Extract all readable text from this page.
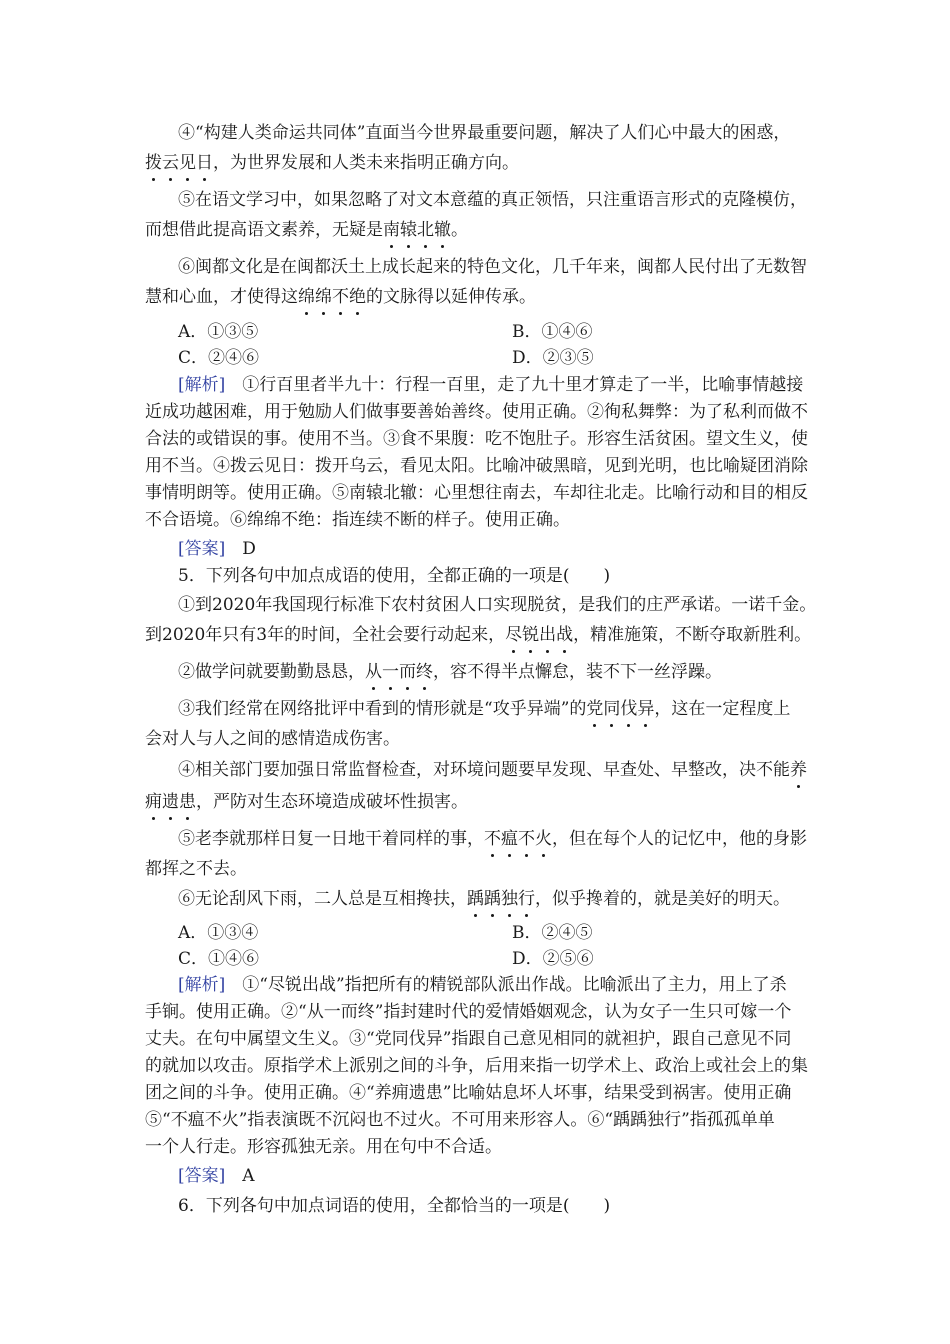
④“构建人类命运共同体”直面当今世界最重要问题，解决了人们心中最大的困惑，
拨云见日，为世界发展和人类未来指明正确方向。
⑤在语文学习中，如果忽略了对文本意蕴的真正领悟，只注重语言形式的克隆模仿，
而想借此提高语文素养，无疑是南辕北辙。
⑥闽都文化是在闽都沃土上成长起来的特色文化，几千年来，闽都人民付出了无数智
慧和心血，才使得这绵绵不绝的文脉得以延伸传承。
A．①③⑤	B．①④⑥
C．②④⑥	D．②③⑤
[解析]　 ①行百里者半九十：行程一百里，走了九十里才算走了一半，比喻事情越接
近成功越困难，用于勉励人们做事要善始善终。使用正确。②徇私舞弊：为了私利而做不
合法的或错误的事。使用不当。③食不果腹：吃不饱肚子。形容生活贫困。望文生义，使
用不当。④拨云见日：拨开乌云，看见太阳。比喻冲破黑暗，见到光明，也比喻疑团消除
事情明朗等。使用正确。⑤南辕北辙：心里想往南去，车却往北走。比喻行动和目的相反
不合语境。⑥绵绵不绝：指连续不断的样子。使用正确。
[答案]　 D
5．下列各句中加点成语的使用，全都正确的一项是(　　)
①到2020年我国现行标准下农村贫困人口实现脱贫，是我们的庄严承诺。一诺千金。
到2020年只有3年的时间，全社会要行动起来，尽锐出战，精准施策，不断夺取新胜利。
②做学问就要勤勤恳恳，从一而终，容不得半点懈怠，装不下一丝浮躁。
③我们经常在网络批评中看到的情形就是“攻乎异端”的党同伐异，这在一定程度上
会对人与人之间的感情造成伤害。
④相关部门要加强日常监督检查，对环境问题要早发现、早查处、早整改，决不能养
痈遗患，严防对生态环境造成破坏性损害。
⑤老李就那样日复一日地干着同样的事，不瘟不火，但在每个人的记忆中，他的身影
都挥之不去。
⑥无论刮风下雨，二人总是互相搀扶，踽踽独行，似乎搀着的，就是美好的明天。
A．①③④	B．②④⑤
C．①④⑥	D．②⑤⑥
[解析]　 ①“尽锐出战”指把所有的精锐部队派出作战。比喻派出了主力，用上了杀
手锏。使用正确。②“从一而终”指封建时代的爱情婚姻观念，认为女子一生只可嫁一个
丈夫。在句中属望文生义。③“党同伐异”指跟自己意见相同的就袒护，跟自己意见不同
的就加以攻击。原指学术上派别之间的斗争，后用来指一切学术上、政治上或社会上的集
团之间的斗争。使用正确。④“养痈遗患”比喻姑息坏人坏事，结果受到祸害。使用正确
⑤“不瘟不火”指表演既不沉闷也不过火。不可用来形容人。⑥“踽踽独行”指孤孤单单
一个人行走。形容孤独无亲。用在句中不合适。
[答案]　 A
6．下列各句中加点词语的使用，全都恰当的一项是(　　)
